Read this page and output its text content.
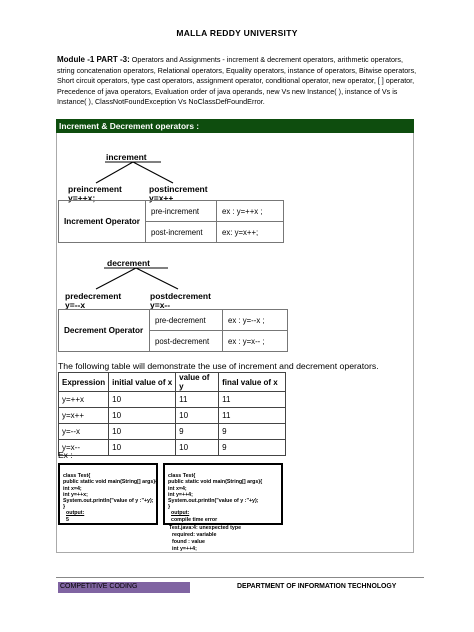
MALLA REDDY UNIVERSITY
Module -1 PART -3: Operators and Assignments - increment & decrement operators, arithmetic operators, string concatenation operators, Relational operators, Equality operators, instance of operators, Bitwise operators, Short circuit operators, type cast operators, assignment operator, conditional operator, new operator, [ ] operator, Precedence of java operators, Evaluation order of java operands, new Vs new Instance( ), instance of Vs is Instance( ), ClassNotFoundException Vs NoClassDefFoundError.
Increment & Decrement operators :
increment
preincrement
y=++x;
postincrement
y=x++
decrement
predecrement
y=--x
postdecrement
y=x--
Increment Operator	pre-increment	ex : y=++x ;
	post-increment	ex: y=x++;
Decrement Operator	pre-decrement	ex : y=--x ;
	post-decrement	ex : y=x-- ;
The following table will demonstrate the use of increment and decrement operators.
Expression	initial value of x	value of y	final value of x
y=++x	10	11	11
y=x++	10	10	11
y=--x	10	9	9
y=x--	10	10	9
Ex :

class Test{
public static void main(String[] args){
int x=4;
int y=++x;
System.out.println("value of y :"+y);
}
output:
5

class Test{
public static void main(String[] args){
int x=4;
int y=++4;
System.out.println("value of y :"+y);
}
output:
compile time error

Test.java:4: unexpected type
required: variable
found : value
int y=++4;
COMPETITIVE CODING	DEPARTMENT OF INFORMATION TECHNOLOGY
